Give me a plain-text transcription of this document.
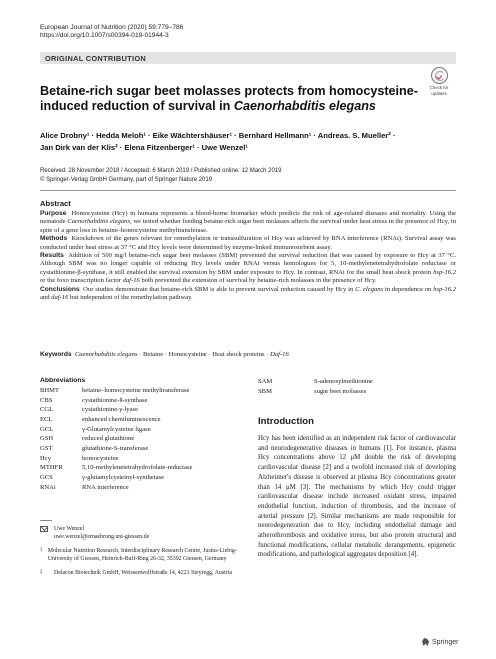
European Journal of Nutrition (2020) 59:779–786
https://doi.org/10.1007/s00394-019-01944-3
ORIGINAL CONTRIBUTION
Check for
updates
Betaine-rich sugar beet molasses protects from homocysteine-
induced reduction of survival in Caenorhabditis elegans
Alice Drobny¹ · Hedda Meloh¹ · Eike Wächtershäuser¹ · Bernhard Hellmann¹ · Andreas. S. Mueller² ·
Jan Dirk van der Klis² · Elena Fitzenberger¹ · Uwe Wenzel¹
Received: 28 November 2018 / Accepted: 6 March 2019 / Published online: 12 March 2019
© Springer-Verlag GmbH Germany, part of Springer Nature 2019
Abstract

Purpose Homocysteine (Hcy) in humans represents a blood-borne biomarker which predicts the risk of age-related diseases and mortality. Using the nematode Caenorhabditis elegans, we tested whether feeding betaine-rich sugar beet molasses affects the survival under heat stress in the presence of Hcy, in spite of a gene loss in betaine–homocysteine methyltransferase.

Methods Knockdown of the genes relevant for remethylation or transsulfuration of Hcy was achieved by RNA interference (RNAi). Survival assay was conducted under heat stress at 37 °C and Hcy levels were determined by enzyme-linked immunosorbent assay.

Results Addition of 500 mg/l betaine-rich sugar beet molasses (SBM) prevented the survival reduction that was caused by exposure to Hcy at 37 °C. Although SBM was no longer capable of reducing Hcy levels under RNAi versus homologues for 5, 10-methylenetetrahydrofolate reductase or cystathionine-β-synthase, it still enabled the survival extension by SBM under exposure to Hcy. In contrast, RNAi for the small heat shock protein hsp-16.2 or the foxo transcription factor daf-16 both prevented the extension of survival by betaine-rich molasses in the presence of Hcy.

Conclusions Our studies demonstrate that betaine-rich SBM is able to prevent survival reduction caused by Hcy in C. elegans in dependence on hsp-16.2 and daf-16 but independent of the remethylation pathway.

Keywords Caenorhabditis elegans · Betaine · Homocysteine · Heat shock proteins · Daf-16
Abbreviations
BHMT	betaine–homocysteine methyltransferase
CBS	cystathionine-ß-synthase
CGL	cystathionine-γ-lyase
ECL	enhanced chemiluminescence
GCL	γ-Glutamylcysteine ligase
GSH	reduced glutathione
GST	glutathione-S-transferase
Hcy	homocysteine
MTHFR	5,10-methylenetetrahydrofolate-reductase
GCS	γ-glutamylcysteinyl-synthetase
RNAi	RNA interference
SAM	S-adenosylmethionine
SBM	sugar beet molasses
Introduction
Hcy has been identified as an independent risk factor of cardiovascular and neurodegenerative diseases in humans [1]. For instance, plasma Hcy concentrations above 12 μM double the risk of developing cardiovascular disease [2] and a twofold increased risk of developing Alzheimer's disease is observed at plasma Hcy concentrations greater than 14 μM [3]. The mechanisms by which Hcy could trigger cardiovascular disease include increased oxidant stress, impaired endothelial function, induction of thrombosis, and the increase of arterial pressure [2]. Similar mechanisms are made responsible for neurodegeneration due to Hcy, including endothelial damage and atherothrombosis and oxidative stress, but also protein structural and functional modifications, cellular metabolic derangements, epigenetic modifications, and pathological aggregates deposition [4].
Uwe Wenzel
uwe.wenzel@ernaehrung.uni-giessen.de
1 Molecular Nutrition Research, Interdisciplinary Research Centre, Justus-Liebig-University of Giessen, Heinrich-Buff-Ring 26-32, 35392 Giessen, Germany
2	Delacon Biotechnik GmbH, Weissenwolffstraße 14, 4221 Steyregg, Austria
Springer
